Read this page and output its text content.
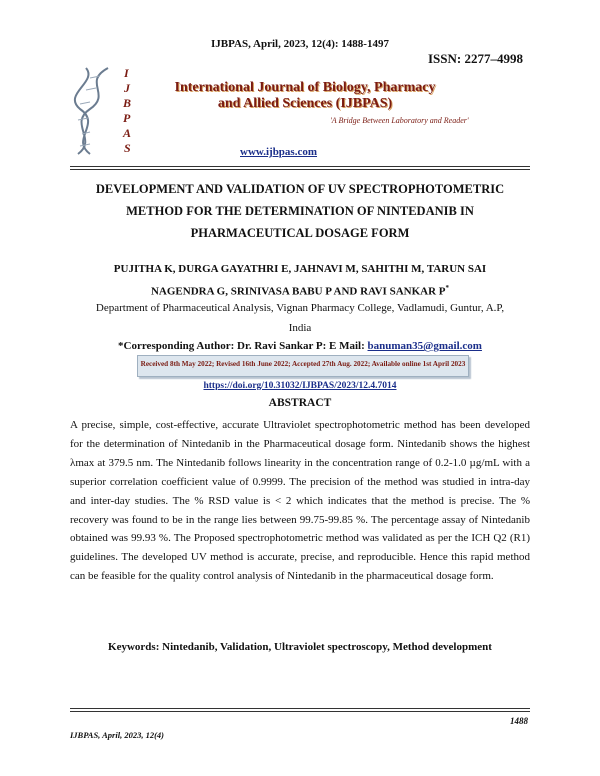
IJBPAS, April, 2023, 12(4): 1488-1497
ISSN: 2277–4998
I
J
B
P
A
S
International Journal of Biology, Pharmacy
and Allied Sciences (IJBPAS)
'A Bridge Between Laboratory and Reader'
www.ijbpas.com
DEVELOPMENT AND VALIDATION OF UV SPECTROPHOTOMETRIC
METHOD FOR THE DETERMINATION OF NINTEDANIB IN
PHARMACEUTICAL DOSAGE FORM
PUJITHA K, DURGA GAYATHRI E, JAHNAVI M, SAHITHI M, TARUN SAI
NAGENDRA G, SRINIVASA BABU P AND RAVI SANKAR P*
Department of Pharmaceutical Analysis, Vignan Pharmacy College, Vadlamudi, Guntur, A.P,
India
*Corresponding Author: Dr. Ravi Sankar P: E Mail: banuman35@gmail.com
Received 8th May 2022; Revised 16th June 2022; Accepted 27th Aug. 2022; Available online 1st April 2023
https://doi.org/10.31032/IJBPAS/2023/12.4.7014
ABSTRACT
A precise, simple, cost-effective, accurate Ultraviolet spectrophotometric method has been developed for the determination of Nintedanib in the Pharmaceutical dosage form. Nintedanib shows the highest λmax at 379.5 nm. The Nintedanib follows linearity in the concentration range of 0.2-1.0 µg/mL with a superior correlation coefficient value of 0.9999. The precision of the method was studied in intra-day and inter-day studies. The % RSD value is < 2 which indicates that the method is precise. The % recovery was found to be in the range lies between 99.75-99.85 %. The percentage assay of Nintedanib obtained was 99.93 %. The Proposed spectrophotometric method was validated as per the ICH Q2 (R1) guidelines. The developed UV method is accurate, precise, and reproducible. Hence this rapid method can be feasible for the quality control analysis of Nintedanib in the pharmaceutical dosage form.
Keywords: Nintedanib, Validation, Ultraviolet spectroscopy, Method development
1488
IJBPAS, April, 2023, 12(4)
